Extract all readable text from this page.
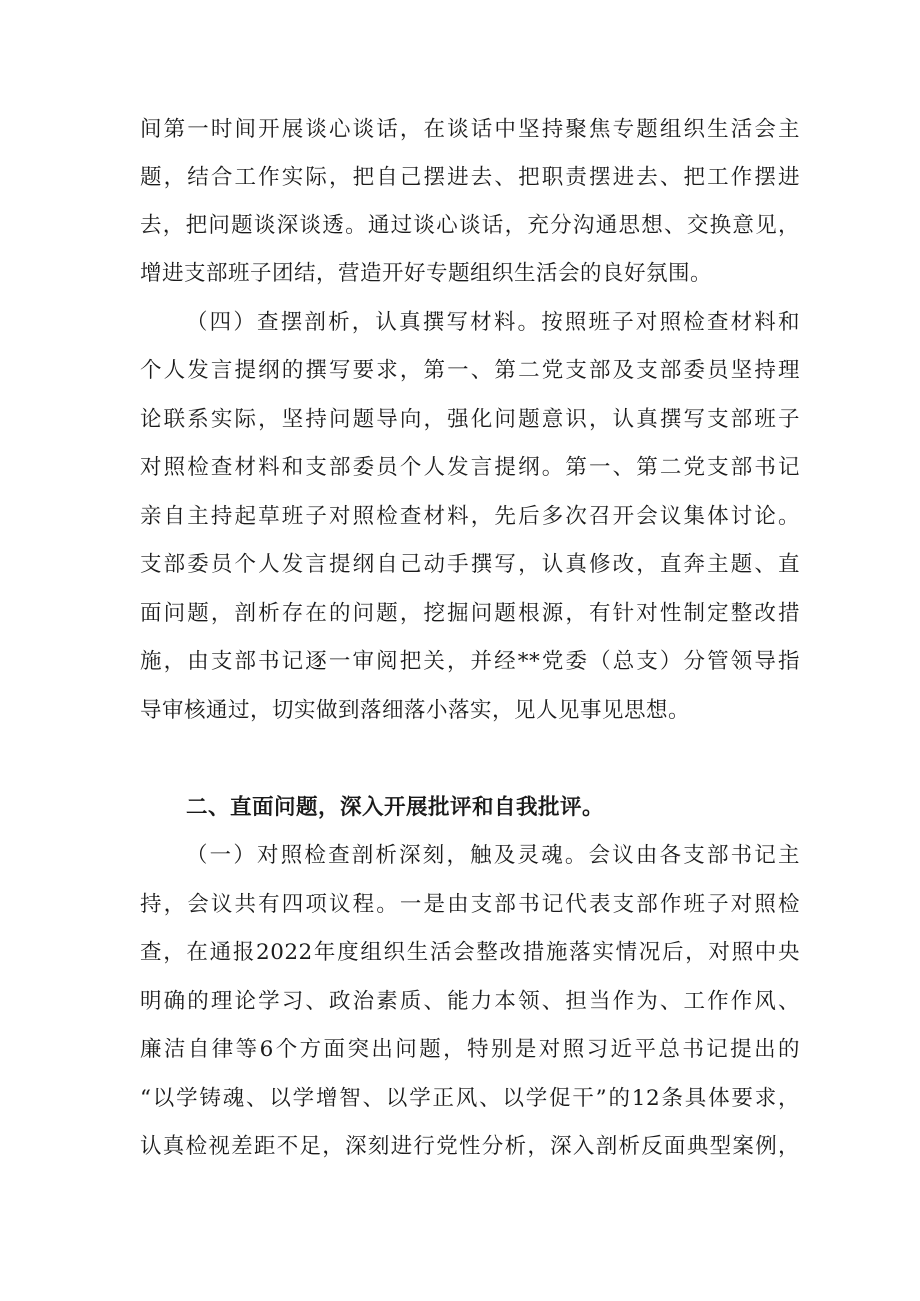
间第一时间开展谈心谈话，在谈话中坚持聚焦专题组织生活会主
题，结合工作实际，把自己摆进去、把职责摆进去、把工作摆进
去，把问题谈深谈透。通过谈心谈话，充分沟通思想、交换意见，
增进支部班子团结，营造开好专题组织生活会的良好氛围。
（四）查摆剖析，认真撰写材料。按照班子对照检查材料和
个人发言提纲的撰写要求，第一、第二党支部及支部委员坚持理
论联系实际，坚持问题导向，强化问题意识，认真撰写支部班子
对照检查材料和支部委员个人发言提纲。第一、第二党支部书记
亲自主持起草班子对照检查材料，先后多次召开会议集体讨论。
支部委员个人发言提纲自己动手撰写，认真修改，直奔主题、直
面问题，剖析存在的问题，挖掘问题根源，有针对性制定整改措
施，由支部书记逐一审阅把关，并经**党委（总支）分管领导指
导审核通过，切实做到落细落小落实，见人见事见思想。
二、直面问题，深入开展批评和自我批评。
（一）对照检查剖析深刻，触及灵魂。会议由各支部书记主
持，会议共有四项议程。一是由支部书记代表支部作班子对照检
查，在通报2022年度组织生活会整改措施落实情况后，对照中央
明确的理论学习、政治素质、能力本领、担当作为、工作作风、
廉洁自律等6个方面突出问题，特别是对照习近平总书记提出的
“以学铸魂、以学增智、以学正风、以学促干”的12条具体要求，
认真检视差距不足，深刻进行党性分析，深入剖析反面典型案例，
